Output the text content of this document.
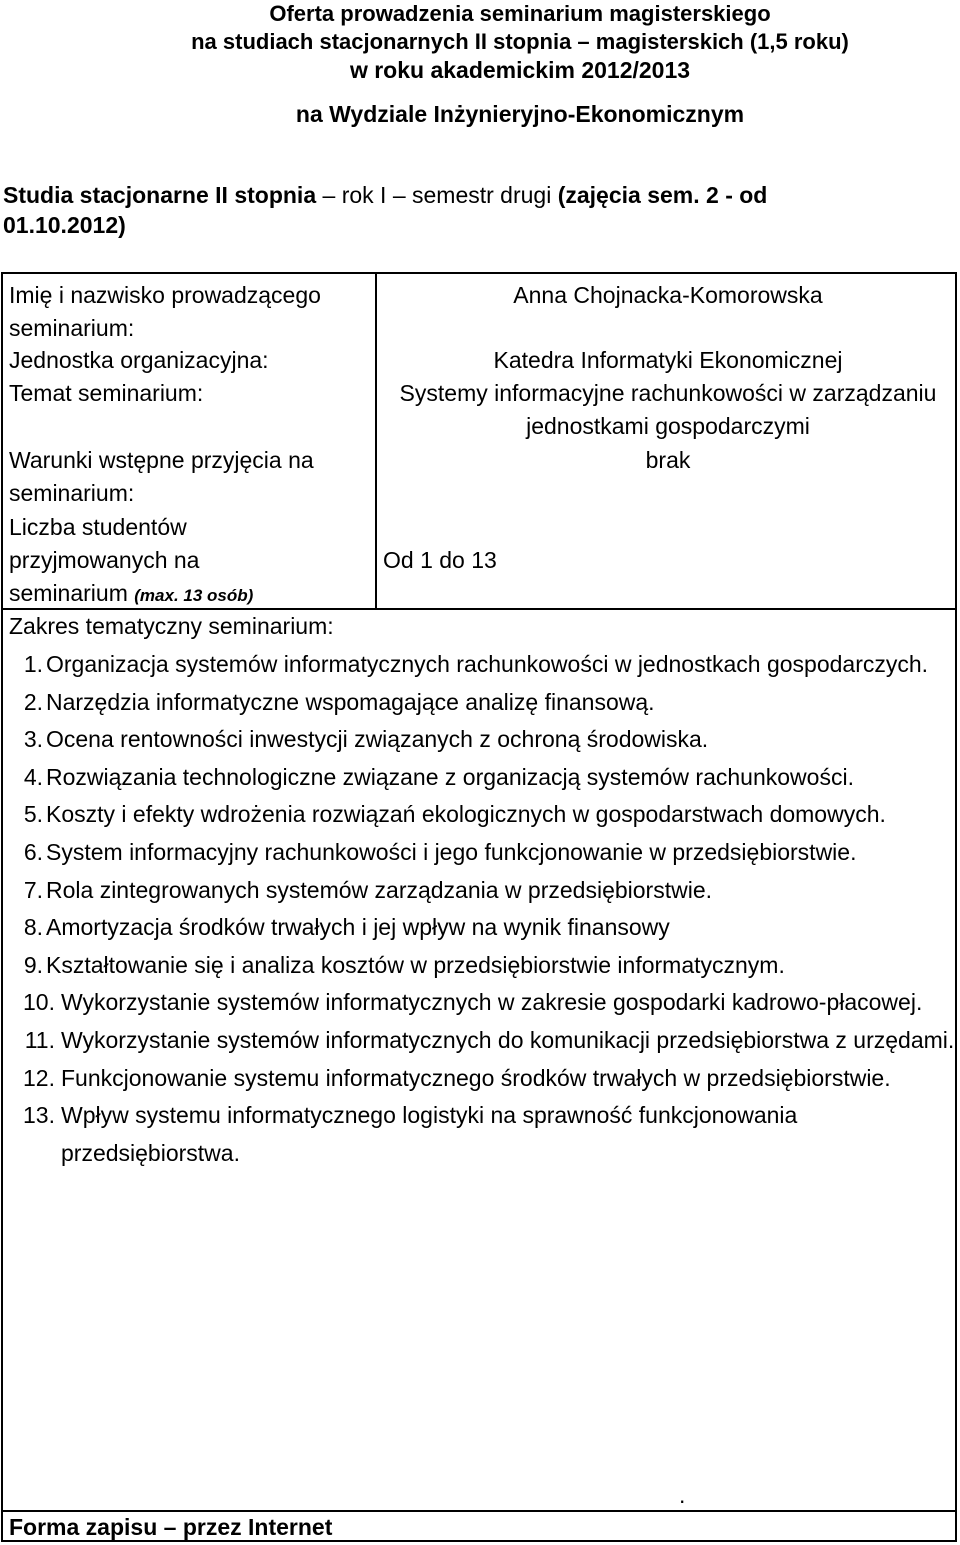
Oferta prowadzenia seminarium magisterskiego
na studiach stacjonarnych II stopnia – magisterskich (1,5 roku)
w roku akademickim 2012/2013
na Wydziale Inżynieryjno-Ekonomicznym
Studia stacjonarne II stopnia – rok I – semestr drugi (zajęcia sem. 2 - od
01.10.2012)
Imię i nazwisko prowadzącego seminarium:
Anna Chojnacka-Komorowska
Jednostka organizacyjna:	Katedra Informatyki Ekonomicznej
Temat seminarium:	Systemy informacyjne rachunkowości w zarządzaniu jednostkami gospodarczymi
Warunki wstępne przyjęcia na seminarium:
brak
Liczba studentów przyjmowanych na seminarium (max. 13 osób)
Od 1 do 13
Zakres tematyczny seminarium:
1. Organizacja systemów informatycznych rachunkowości w jednostkach gospodarczych.
2. Narzędzia informatyczne wspomagające analizę finansową.
3. Ocena rentowności inwestycji związanych z ochroną środowiska.
4. Rozwiązania technologiczne związane z organizacją systemów rachunkowości.
5. Koszty i efekty wdrożenia rozwiązań ekologicznych w gospodarstwach domowych.
6. System informacyjny rachunkowości i jego funkcjonowanie w przedsiębiorstwie.
7. Rola zintegrowanych systemów zarządzania w przedsiębiorstwie.
8. Amortyzacja środków trwałych i jej wpływ na wynik finansowy
9. Kształtowanie się i analiza kosztów w przedsiębiorstwie informatycznym.
10. Wykorzystanie systemów informatycznych w zakresie gospodarki kadrowo-płacowej.
11. Wykorzystanie systemów informatycznych do komunikacji przedsiębiorstwa z urzędami.
12. Funkcjonowanie systemu informatycznego środków trwałych w przedsiębiorstwie.
13. Wpływ systemu informatycznego logistyki na sprawność funkcjonowania przedsiębiorstwa.
.
Forma zapisu – przez Internet
